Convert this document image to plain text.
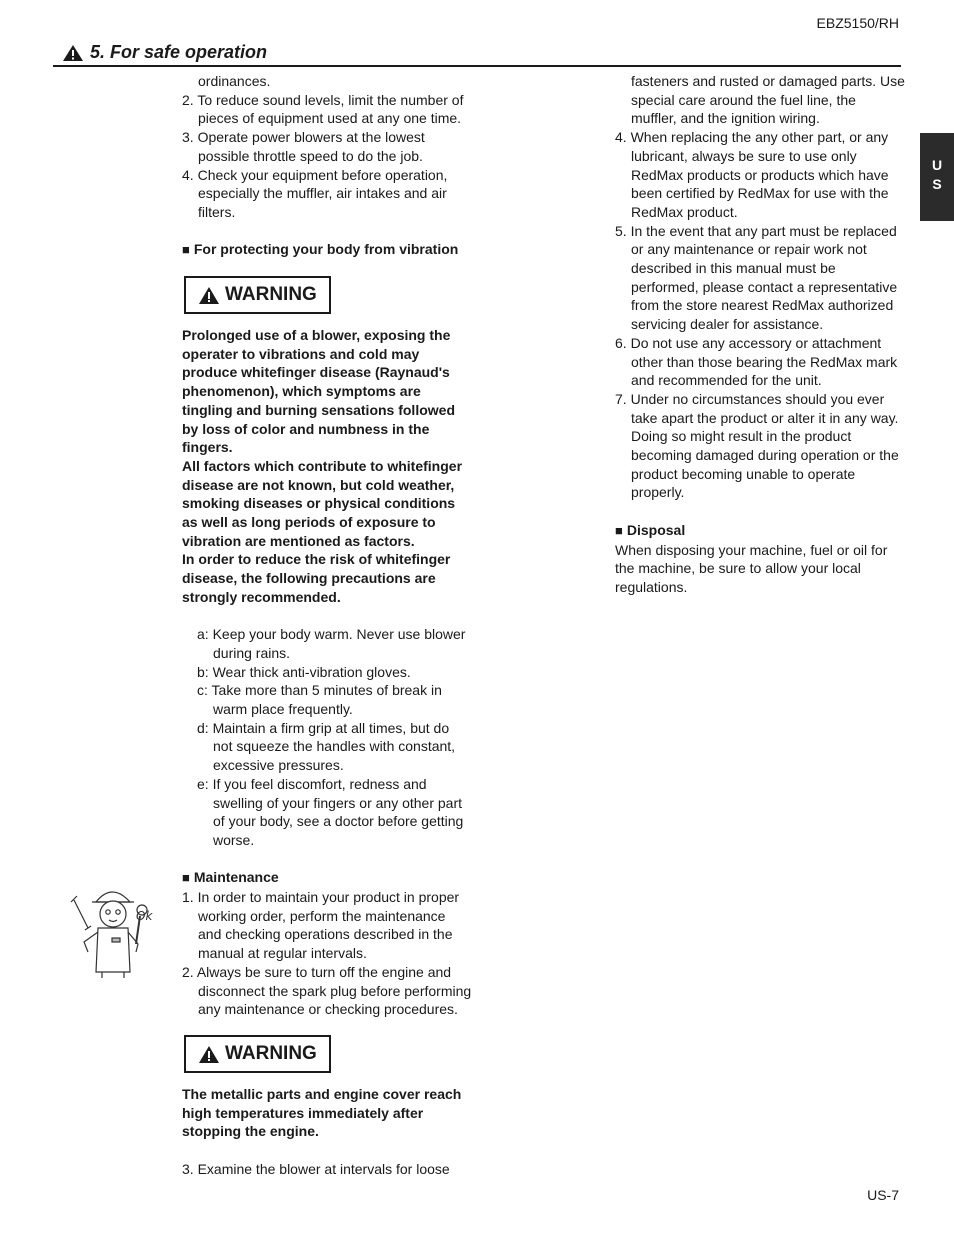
EBZ5150/RH
5. For safe operation
U
S
ordinances.
2. To reduce sound levels, limit the number of pieces of equipment used at any one time.
3. Operate power blowers at the lowest possible throttle speed to do the job.
4. Check your equipment before operation, especially the muffler, air intakes and air filters.
■ For protecting your body from vibration
WARNING
Prolonged use of a blower, exposing the operater to vibrations and cold may produce whitefinger disease (Raynaud's phenomenon), which symptoms are tingling and burning sensations followed by loss of color and numbness in the fingers.
All factors which contribute to whitefinger disease are not known, but cold weather, smoking diseases or physical conditions as well as long periods of exposure to vibration are mentioned as factors.
In order to reduce the risk of whitefinger disease, the following precautions are strongly recommended.
a: Keep your body warm. Never use blower during rains.
b: Wear thick anti-vibration gloves.
c: Take more than 5 minutes of break in warm place frequently.
d: Maintain a firm grip at all times, but do not squeeze the handles with constant, excessive pressures.
e: If you feel discomfort, redness and swelling of your fingers or any other part of your body, see a doctor before getting worse.
■ Maintenance
1. In order to maintain your product in proper working order, perform the maintenance and checking operations described in the manual at regular intervals.
2. Always be sure to turn off the engine and disconnect the spark plug before performing any maintenance or checking procedures.
WARNING
The metallic parts and engine cover reach high temperatures immediately after stopping the engine.
3. Examine the blower at intervals for loose
Ok
fasteners and rusted or damaged parts. Use special care around the fuel line, the muffler, and the ignition wiring.
4. When replacing the any other part, or any lubricant, always be sure to use only RedMax products or products which have been certified by RedMax for use with the RedMax product.
5. In the event that any part must be replaced or any maintenance or repair work not described in this manual must be performed, please contact a representative from the store nearest RedMax authorized servicing dealer for assistance.
6. Do not use any accessory or attachment other than those bearing the RedMax mark and recommended for the unit.
7. Under no circumstances should you ever take apart the product or alter it in any way. Doing so might result in the product becoming damaged during operation or the product becoming unable to operate properly.
■ Disposal
When disposing your machine, fuel or oil for the machine, be sure to allow your local regulations.
US-7
